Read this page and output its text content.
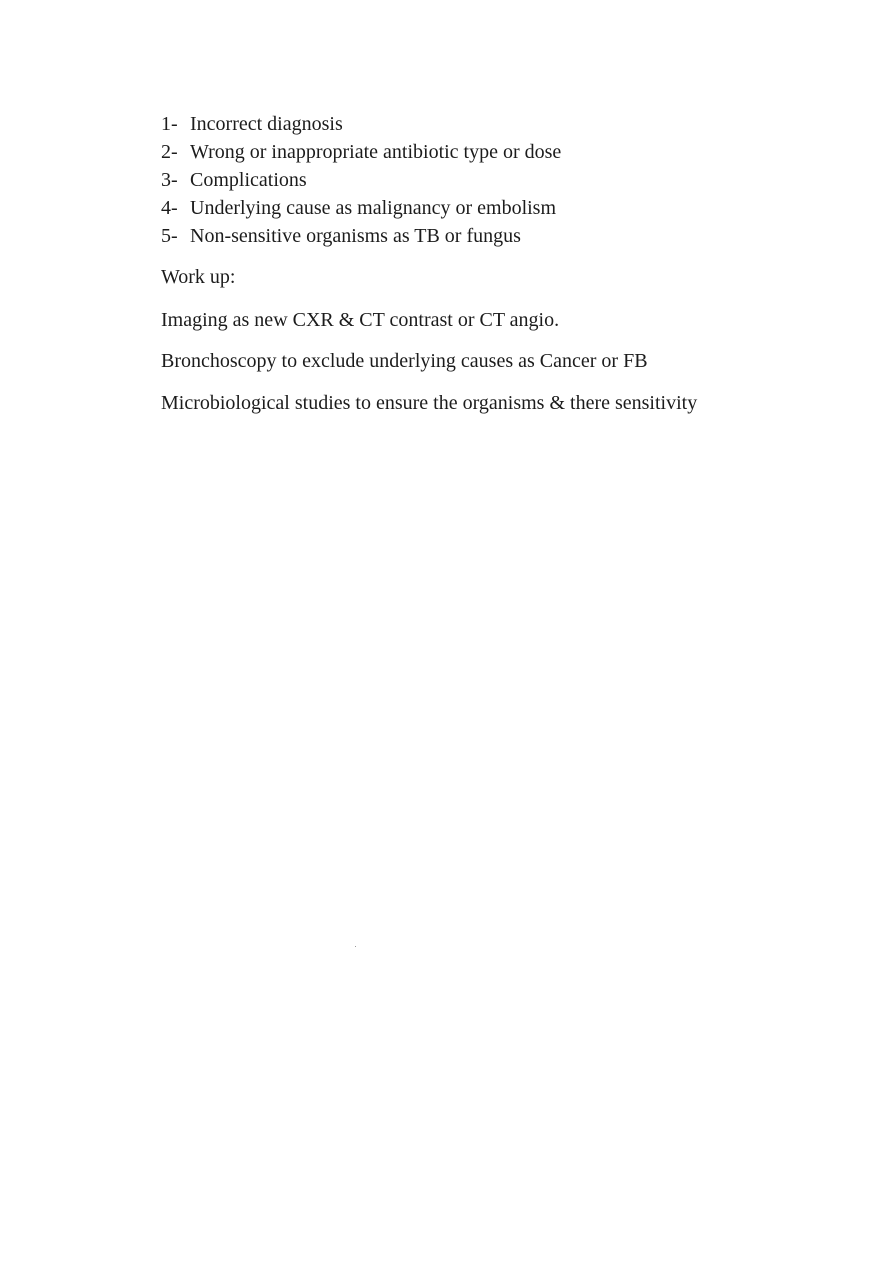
1- Incorrect diagnosis
2- Wrong or inappropriate antibiotic type or dose
3- Complications
4- Underlying cause as malignancy or embolism
5- Non-sensitive organisms as TB or fungus

Work up:

Imaging as new CXR & CT contrast or CT angio.

Bronchoscopy to exclude underlying causes as Cancer or FB

Microbiological studies to ensure the organisms & there sensitivity
